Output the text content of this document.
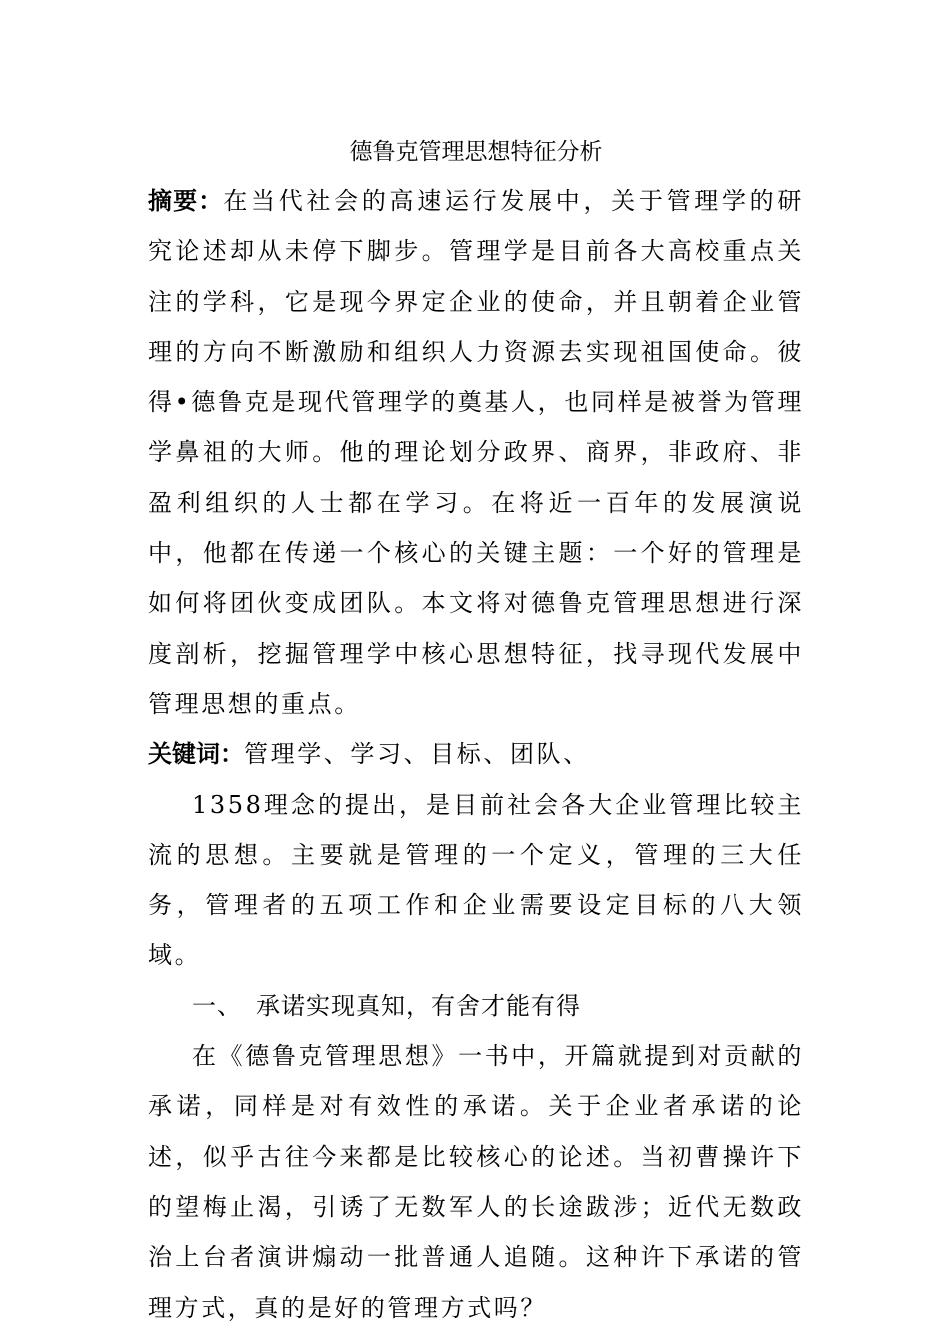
德鲁克管理思想特征分析

摘要：在当代社会的高速运行发展中，关于管理学的研究论述却从未停下脚步。管理学是目前各大高校重点关注的学科，它是现今界定企业的使命，并且朝着企业管理的方向不断激励和组织人力资源去实现祖国使命。彼得•德鲁克是现代管理学的奠基人，也同样是被誉为管理学鼻祖的大师。他的理论划分政界、商界，非政府、非盈利组织的人士都在学习。在将近一百年的发展演说中，他都在传递一个核心的关键主题：一个好的管理是如何将团伙变成团队。本文将对德鲁克管理思想进行深度剖析，挖掘管理学中核心思想特征，找寻现代发展中管理思想的重点。

关键词：管理学、学习、目标、团队、

1358理念的提出，是目前社会各大企业管理比较主流的思想。主要就是管理的一个定义，管理的三大任务，管理者的五项工作和企业需要设定目标的八大领域。

一、 承诺实现真知，有舍才能有得

在《德鲁克管理思想》一书中，开篇就提到对贡献的承诺，同样是对有效性的承诺。关于企业者承诺的论述，似乎古往今来都是比较核心的论述。当初曹操许下的望梅止渴，引诱了无数军人的长途跋涉；近代无数政治上台者演讲煽动一批普通人追随。这种许下承诺的管理方式，真的是好的管理方式吗？
